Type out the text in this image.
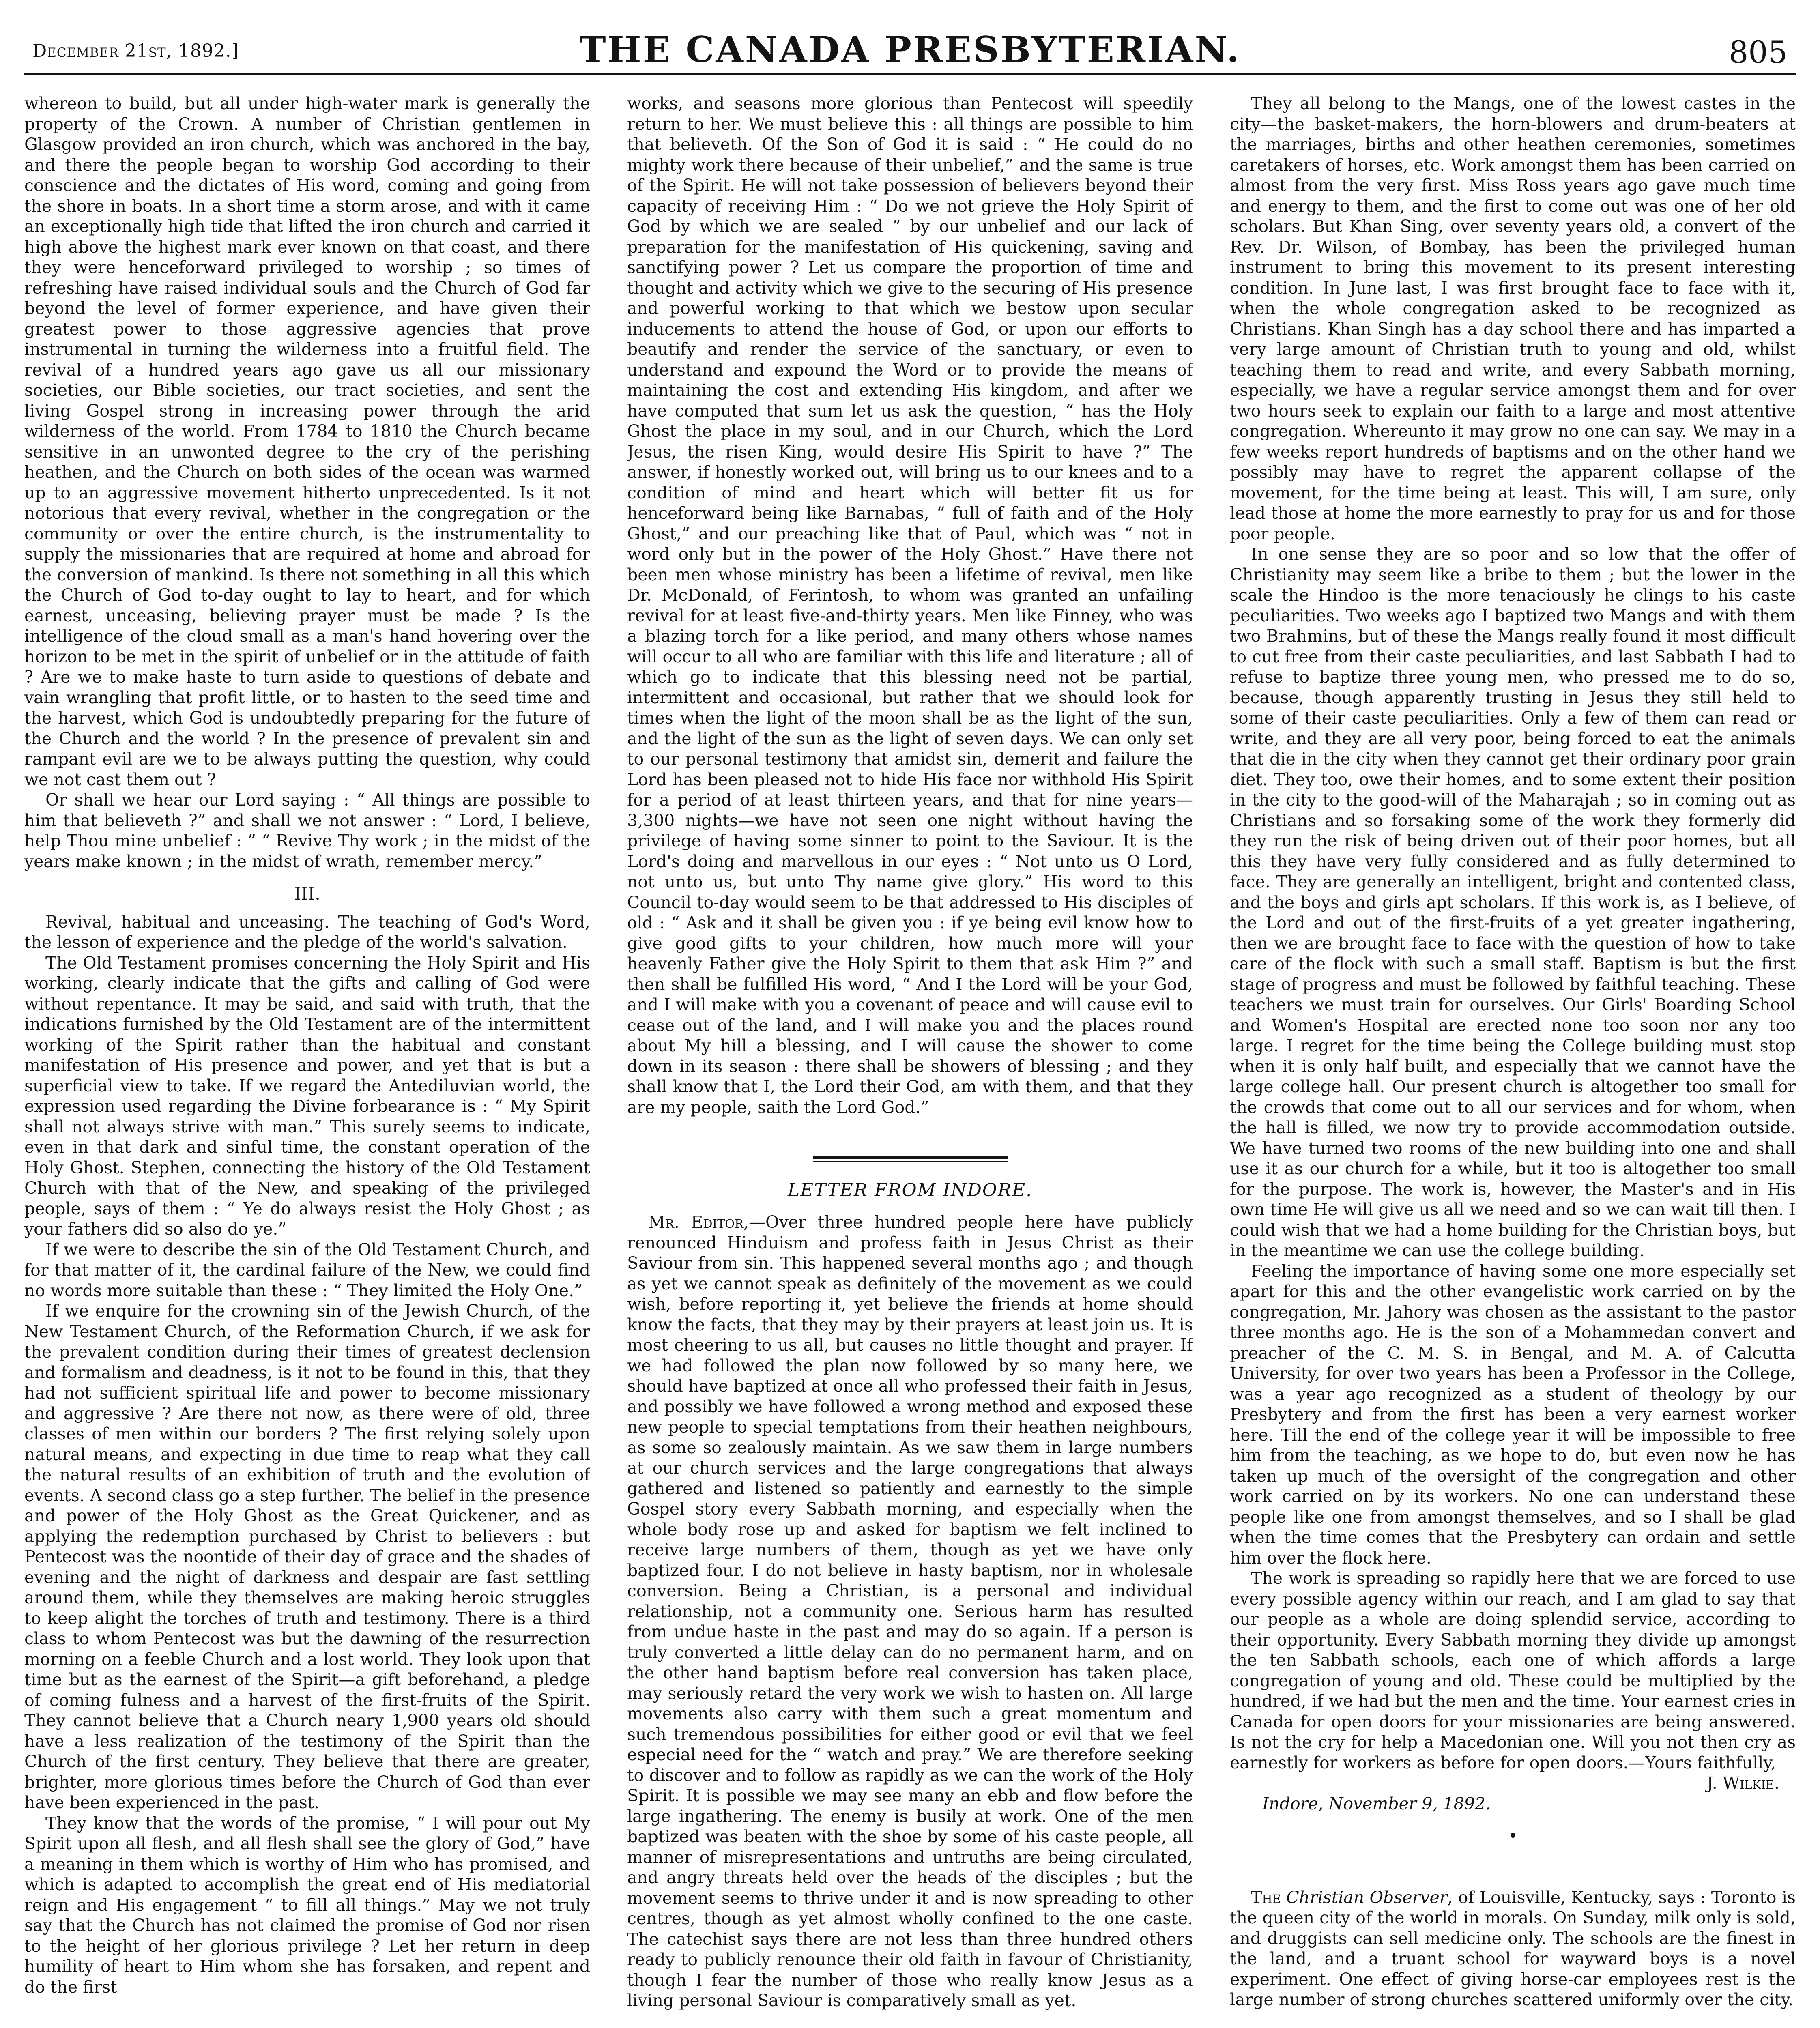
December 21st, 1892.]	THE CANADA PRESBYTERIAN.	805

whereon to build, but all under high-water mark is generally the property of the Crown. A number of Christian gentlemen in Glasgow provided an iron church, which was anchored in the bay, and there the people began to worship God according to their conscience and the dictates of His word, coming and going from the shore in boats. In a short time a storm arose, and with it came an exceptionally high tide that lifted the iron church and carried it high above the highest mark ever known on that coast, and there they were henceforward privileged to worship ; so times of refreshing have raised individual souls and the Church of God far beyond the level of former experience, and have given their greatest power to those aggressive agencies that prove instrumental in turning the wilderness into a fruitful field. The revival of a hundred years ago gave us all our missionary societies, our Bible societies, our tract societies, and sent the living Gospel strong in increasing power through the arid wilderness of the world. From 1784 to 1810 the Church became sensitive in an unwonted degree to the cry of the perishing heathen, and the Church on both sides of the ocean was warmed up to an aggressive movement hitherto unprecedented. Is it not notorious that every revival, whether in the congregation or the community or over the entire church, is the instrumentality to supply the missionaries that are required at home and abroad for the conversion of mankind. Is there not something in all this which the Church of God to-day ought to lay to heart, and for which earnest, unceasing, believing prayer must be made ? Is the intelligence of the cloud small as a man's hand hovering over the horizon to be met in the spirit of unbelief or in the attitude of faith ? Are we to make haste to turn aside to questions of debate and vain wrangling that profit little, or to hasten to the seed time and the harvest, which God is undoubtedly preparing for the future of the Church and the world ? In the presence of prevalent sin and rampant evil are we to be always putting the question, why could we not cast them out ?

Or shall we hear our Lord saying : “ All things are possible to him that believeth ?” and shall we not answer : “ Lord, I believe, help Thou mine unbelief : ” “ Revive Thy work ; in the midst of the years make known ; in the midst of wrath, remember mercy.”

III.

Revival, habitual and unceasing. The teaching of God's Word, the lesson of experience and the pledge of the world's salvation.

The Old Testament promises concerning the Holy Spirit and His working, clearly indicate that the gifts and calling of God were without repentance. It may be said, and said with truth, that the indications furnished by the Old Testament are of the intermittent working of the Spirit rather than the habitual and constant manifestation of His presence and power, and yet that is but a superficial view to take. If we regard the Antediluvian world, the expression used regarding the Divine forbearance is : “ My Spirit shall not always strive with man.” This surely seems to indicate, even in that dark and sinful time, the constant operation of the Holy Ghost. Stephen, connecting the history of the Old Testament Church with that of the New, and speaking of the privileged people, says of them : “ Ye do always resist the Holy Ghost ; as your fathers did so also do ye.”

If we were to describe the sin of the Old Testament Church, and for that matter of it, the cardinal failure of the New, we could find no words more suitable than these : “ They limited the Holy One.”

If we enquire for the crowning sin of the Jewish Church, of the New Testament Church, of the Reformation Church, if we ask for the prevalent condition during their times of greatest declension and formalism and deadness, is it not to be found in this, that they had not sufficient spiritual life and power to become missionary and aggressive ? Are there not now, as there were of old, three classes of men within our borders ? The first relying solely upon natural means, and expecting in due time to reap what they call the natural results of an exhibition of truth and the evolution of events. A second class go a step further. The belief in the presence and power of the Holy Ghost as the Great Quickener, and as applying the redemption purchased by Christ to believers : but Pentecost was the noontide of their day of grace and the shades of evening and the night of darkness and despair are fast settling around them, while they themselves are making heroic struggles to keep alight the torches of truth and testimony. There is a third class to whom Pentecost was but the dawning of the resurrection morning on a feeble Church and a lost world. They look upon that time but as the earnest of the Spirit—a gift beforehand, a pledge of coming fulness and a harvest of the first-fruits of the Spirit. They cannot believe that a Church neary 1,900 years old should have a less realization of the testimony of the Spirit than the Church of the first century. They believe that there are greater, brighter, more glorious times before the Church of God than ever have been experienced in the past.

They know that the words of the promise, “ I will pour out My Spirit upon all flesh, and all flesh shall see the glory of God,” have a meaning in them which is worthy of Him who has promised, and which is adapted to accomplish the great end of His mediatorial reign and His engagement “ to fill all things.” May we not truly say that the Church has not claimed the promise of God nor risen to the height of her glorious privilege ? Let her return in deep humility of heart to Him whom she has forsaken, and repent and do the first

works, and seasons more glorious than Pentecost will speedily return to her. We must believe this : all things are possible to him that believeth. Of the Son of God it is said : “ He could do no mighty work there because of their unbelief,” and the same is true of the Spirit. He will not take possession of believers beyond their capacity of receiving Him : “ Do we not grieve the Holy Spirit of God by which we are sealed ” by our unbelief and our lack of preparation for the manifestation of His quickening, saving and sanctifying power ? Let us compare the proportion of time and thought and activity which we give to the securing of His presence and powerful working to that which we bestow upon secular inducements to attend the house of God, or upon our efforts to beautify and render the service of the sanctuary, or even to understand and expound the Word or to provide the means of maintaining the cost and extending His kingdom, and after we have computed that sum let us ask the question, “ has the Holy Ghost the place in my soul, and in our Church, which the Lord Jesus, the risen King, would desire His Spirit to have ?” The answer, if honestly worked out, will bring us to our knees and to a condition of mind and heart which will better fit us for henceforward being like Barnabas, “ full of faith and of the Holy Ghost,” and our preaching like that of Paul, which was “ not in word only but in the power of the Holy Ghost.” Have there not been men whose ministry has been a lifetime of revival, men like Dr. McDonald, of Ferintosh, to whom was granted an unfailing revival for at least five-and-thirty years. Men like Finney, who was a blazing torch for a like period, and many others whose names will occur to all who are familiar with this life and literature ; all of which go to indicate that this blessing need not be partial, intermittent and occasional, but rather that we should look for times when the light of the moon shall be as the light of the sun, and the light of the sun as the light of seven days. We can only set to our personal testimony that amidst sin, demerit and failure the Lord has been pleased not to hide His face nor withhold His Spirit for a period of at least thirteen years, and that for nine years—3,300 nights—we have not seen one night without having the privilege of having some sinner to point to the Saviour. It is the Lord's doing and marvellous in our eyes : “ Not unto us O Lord, not unto us, but unto Thy name give glory.” His word to this Council to-day would seem to be that addressed to His disciples of old : “ Ask and it shall be given you : if ye being evil know how to give good gifts to your children, how much more will your heavenly Father give the Holy Spirit to them that ask Him ?” and then shall be fulfilled His word, “ And I the Lord will be your God, and I will make with you a covenant of peace and will cause evil to cease out of the land, and I will make you and the places round about My hill a blessing, and I will cause the shower to come down in its season : there shall be showers of blessing ; and they shall know that I, the Lord their God, am with them, and that they are my people, saith the Lord God.”

LETTER FROM INDORE.

Mr. Editor,—Over three hundred people here have publicly renounced Hinduism and profess faith in Jesus Christ as their Saviour from sin. This happened several months ago ; and though as yet we cannot speak as definitely of the movement as we could wish, before reporting it, yet believe the friends at home should know the facts, that they may by their prayers at least join us. It is most cheering to us all, but causes no little thought and prayer. If we had followed the plan now followed by so many here, we should have baptized at once all who professed their faith in Jesus, and possibly we have followed a wrong method and exposed these new people to special temptations from their heathen neighbours, as some so zealously maintain. As we saw them in large numbers at our church services and the large congregations that always gathered and listened so patiently and earnestly to the simple Gospel story every Sabbath morning, and especially when the whole body rose up and asked for baptism we felt inclined to receive large numbers of them, though as yet we have only baptized four. I do not believe in hasty baptism, nor in wholesale conversion. Being a Christian, is a personal and individual relationship, not a community one. Serious harm has resulted from undue haste in the past and may do so again. If a person is truly converted a little delay can do no permanent harm, and on the other hand baptism before real conversion has taken place, may seriously retard the very work we wish to hasten on. All large movements also carry with them such a great momentum and such tremendous possibilities for either good or evil that we feel especial need for the “ watch and pray.” We are therefore seeking to discover and to follow as rapidly as we can the work of the Holy Spirit. It is possible we may see many an ebb and flow before the large ingathering. The enemy is busily at work. One of the men baptized was beaten with the shoe by some of his caste people, all manner of misrepresentations and untruths are being circulated, and angry threats held over the heads of the disciples ; but the movement seems to thrive under it and is now spreading to other centres, though as yet almost wholly confined to the one caste. The catechist says there are not less than three hundred others ready to publicly renounce their old faith in favour of Christianity, though I fear the number of those who really know Jesus as a living personal Saviour is comparatively small as yet.

They all belong to the Mangs, one of the lowest castes in the city—the basket-makers, the horn-blowers and drum-beaters at the marriages, births and other heathen ceremonies, sometimes caretakers of horses, etc. Work amongst them has been carried on almost from the very first. Miss Ross years ago gave much time and energy to them, and the first to come out was one of her old scholars. But Khan Sing, over seventy years old, a convert of the Rev. Dr. Wilson, of Bombay, has been the privileged human instrument to bring this movement to its present interesting condition. In June last, I was first brought face to face with it, when the whole congregation asked to be recognized as Christians. Khan Singh has a day school there and has imparted a very large amount of Christian truth to young and old, whilst teaching them to read and write, and every Sabbath morning, especially, we have a regular service amongst them and for over two hours seek to explain our faith to a large and most attentive congregation. Whereunto it may grow no one can say. We may in a few weeks report hundreds of baptisms and on the other hand we possibly may have to regret the apparent collapse of the movement, for the time being at least. This will, I am sure, only lead those at home the more earnestly to pray for us and for those poor people.

In one sense they are so poor and so low that the offer of Christianity may seem like a bribe to them ; but the lower in the scale the Hindoo is the more tenaciously he clings to his caste peculiarities. Two weeks ago I baptized two Mangs and with them two Brahmins, but of these the Mangs really found it most difficult to cut free from their caste peculiarities, and last Sabbath I had to refuse to baptize three young men, who pressed me to do so, because, though apparently trusting in Jesus they still held to some of their caste peculiarities. Only a few of them can read or write, and they are all very poor, being forced to eat the animals that die in the city when they cannot get their ordinary poor grain diet. They too, owe their homes, and to some extent their position in the city to the good-will of the Maharajah ; so in coming out as Christians and so forsaking some of the work they formerly did they run the risk of being driven out of their poor homes, but all this they have very fully considered and as fully determined to face. They are generally an intelligent, bright and contented class, and the boys and girls apt scholars. If this work is, as I believe, of the Lord and out of the first-fruits of a yet greater ingathering, then we are brought face to face with the question of how to take care of the flock with such a small staff. Baptism is but the first stage of progress and must be followed by faithful teaching. These teachers we must train for ourselves. Our Girls' Boarding School and Women's Hospital are erected none too soon nor any too large. I regret for the time being the College building must stop when it is only half built, and especially that we cannot have the large college hall. Our present church is altogether too small for the crowds that come out to all our services and for whom, when the hall is filled, we now try to provide accommodation outside. We have turned two rooms of the new building into one and shall use it as our church for a while, but it too is altogether too small for the purpose. The work is, however, the Master's and in His own time He will give us all we need and so we can wait till then. I could wish that we had a home building for the Christian boys, but in the meantime we can use the college building.

Feeling the importance of having some one more especially set apart for this and the other evangelistic work carried on by the congregation, Mr. Jahory was chosen as the assistant to the pastor three months ago. He is the son of a Mohammedan convert and preacher of the C. M. S. in Bengal, and M. A. of Calcutta University, for over two years has been a Professor in the College, was a year ago recognized as a student of theology by our Presbytery and from the first has been a very earnest worker here. Till the end of the college year it will be impossible to free him from the teaching, as we hope to do, but even now he has taken up much of the oversight of the congregation and other work carried on by its workers. No one can understand these people like one from amongst themselves, and so I shall be glad when the time comes that the Presbytery can ordain and settle him over the flock here.

The work is spreading so rapidly here that we are forced to use every possible agency within our reach, and I am glad to say that our people as a whole are doing splendid service, according to their opportunity. Every Sabbath morning they divide up amongst the ten Sabbath schools, each one of which affords a large congregation of young and old. These could be multiplied by the hundred, if we had but the men and the time. Your earnest cries in Canada for open doors for your missionaries are being answered. Is not the cry for help a Macedonian one. Will you not then cry as earnestly for workers as before for open doors.—Yours faithfully,

J. Wilkie.

Indore, November 9, 1892.

The Christian Observer, of Louisville, Kentucky, says : Toronto is the queen city of the world in morals. On Sunday, milk only is sold, and druggists can sell medicine only. The schools are the finest in the land, and a truant school for wayward boys is a novel experiment. One effect of giving horse-car employees rest is the large number of strong churches scattered uniformly over the city.
